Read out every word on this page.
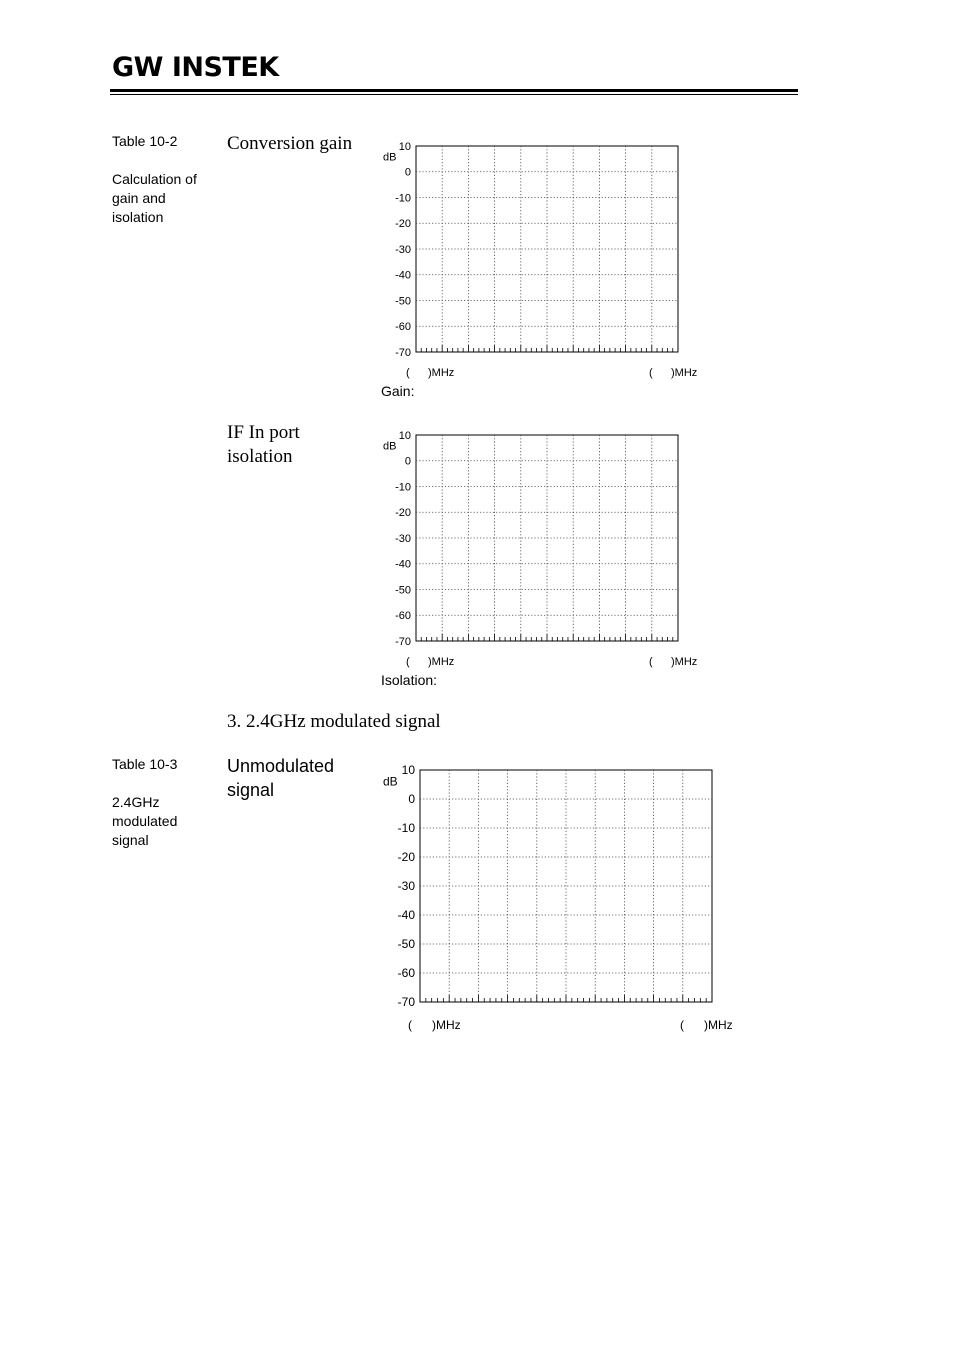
GW INSTEK
Table 10-2
Calculation of
gain and
isolation
Conversion gain	10
0
-10
-20
-30
-40
-50
-60
-70
dB
(      )MHz	(      )MHz
Gain:
IF In port
isolation
10
0
-10
-20
-30
-40
-50
-60
-70
dB
(      )MHz	(      )MHz
Isolation:
3. 2.4GHz modulated signal
Table 10-3
2.4GHz
modulated
signal
Unmodulated
signal
10
0
-10
-20
-30
-40
-50
-60
-70
dB
(      )MHz	(      )MHz
